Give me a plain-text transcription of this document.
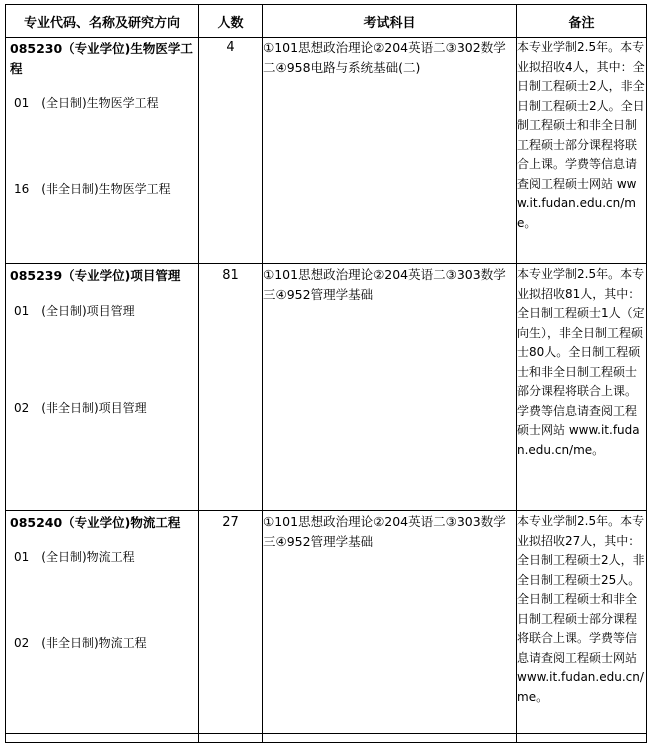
专业代码、名称及研究方向	人数	考试科目	备注

085230（专业学位)生物医学工程
01　(全日制)生物医学工程
16　(非全日制)生物医学工程	4	①101思想政治理论②204英语二③302数学二④958电路与系统基础(二)	本专业学制2.5年。本专业拟招收4人，其中：全日制工程硕士2人，非全日制工程硕士2人。全日制工程硕士和非全日制工程硕士部分课程将联合上课。学费等信息请查阅工程硕士网站 www.it.fudan.edu.cn/me。

085239（专业学位)项目管理
01　(全日制)项目管理
02　(非全日制)项目管理	81	①101思想政治理论②204英语二③303数学三④952管理学基础	本专业学制2.5年。本专业拟招收81人，其中：全日制工程硕士1人（定向生），非全日制工程硕士80人。全日制工程硕士和非全日制工程硕士部分课程将联合上课。学费等信息请查阅工程硕士网站 www.it.fudan.edu.cn/me。

085240（专业学位)物流工程
01　(全日制)物流工程
02　(非全日制)物流工程	27	①101思想政治理论②204英语二③303数学三④952管理学基础	本专业学制2.5年。本专业拟招收27人，其中：全日制工程硕士2人，非全日制工程硕士25人。全日制工程硕士和非全日制工程硕士部分课程将联合上课。学费等信息请查阅工程硕士网站 www.it.fudan.edu.cn/me。
